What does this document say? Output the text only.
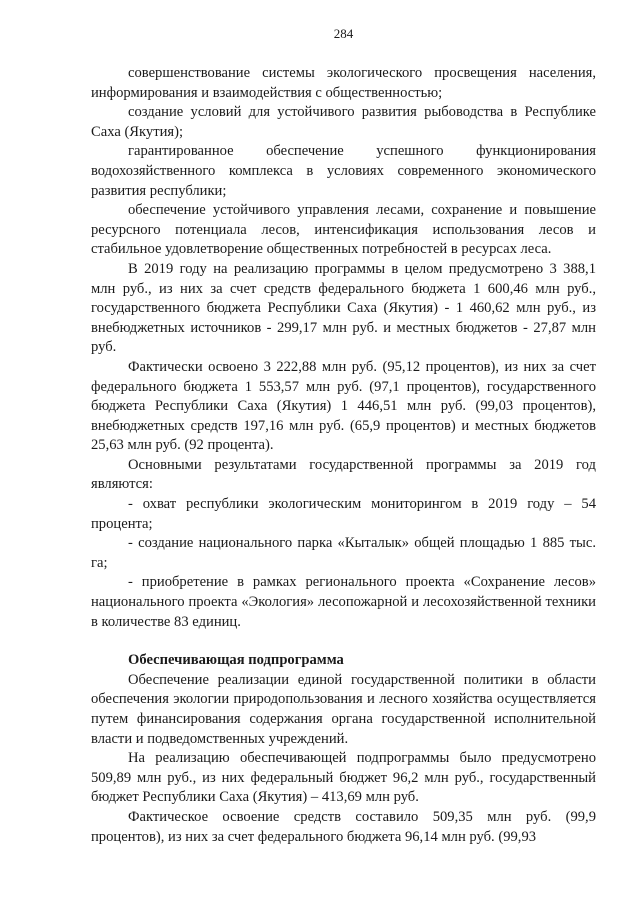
284

совершенствование системы экологического просвещения населения, информирования и взаимодействия с общественностью;

создание условий для устойчивого развития рыбоводства в Республике Саха (Якутия);

гарантированное обеспечение успешного функционирования водохозяйственного комплекса в условиях современного экономического развития республики;

обеспечение устойчивого управления лесами, сохранение и повышение ресурсного потенциала лесов, интенсификация использования лесов и стабильное удовлетворение общественных потребностей в ресурсах леса.

В 2019 году на реализацию программы в целом предусмотрено 3 388,1 млн руб., из них за счет средств федерального бюджета 1 600,46 млн руб., государственного бюджета Республики Саха (Якутия) - 1 460,62 млн руб., из внебюджетных источников - 299,17 млн руб. и местных бюджетов - 27,87 млн руб.

Фактически освоено 3 222,88 млн руб. (95,12 процентов), из них за счет федерального бюджета 1 553,57 млн руб. (97,1 процентов), государственного бюджета Республики Саха (Якутия) 1 446,51 млн руб. (99,03 процентов), внебюджетных средств 197,16 млн руб. (65,9 процентов) и местных бюджетов 25,63 млн руб. (92 процента).

Основными результатами государственной программы за 2019 год являются:

- охват республики экологическим мониторингом в 2019 году – 54 процента;

- создание национального парка «Кыталык» общей площадью 1 885 тыс. га;

- приобретение в рамках регионального проекта «Сохранение лесов» национального проекта «Экология» лесопожарной и лесохозяйственной техники в количестве 83 единиц.

Обеспечивающая подпрограмма

Обеспечение реализации единой государственной политики в области обеспечения экологии природопользования и лесного хозяйства осуществляется путем финансирования содержания органа государственной исполнительной власти и подведомственных учреждений.

На реализацию обеспечивающей подпрограммы было предусмотрено 509,89 млн руб., из них федеральный бюджет 96,2 млн руб., государственный бюджет Республики Саха (Якутия) – 413,69 млн руб.

Фактическое освоение средств составило 509,35 млн руб. (99,9 процентов), из них за счет федерального бюджета 96,14 млн руб. (99,93
